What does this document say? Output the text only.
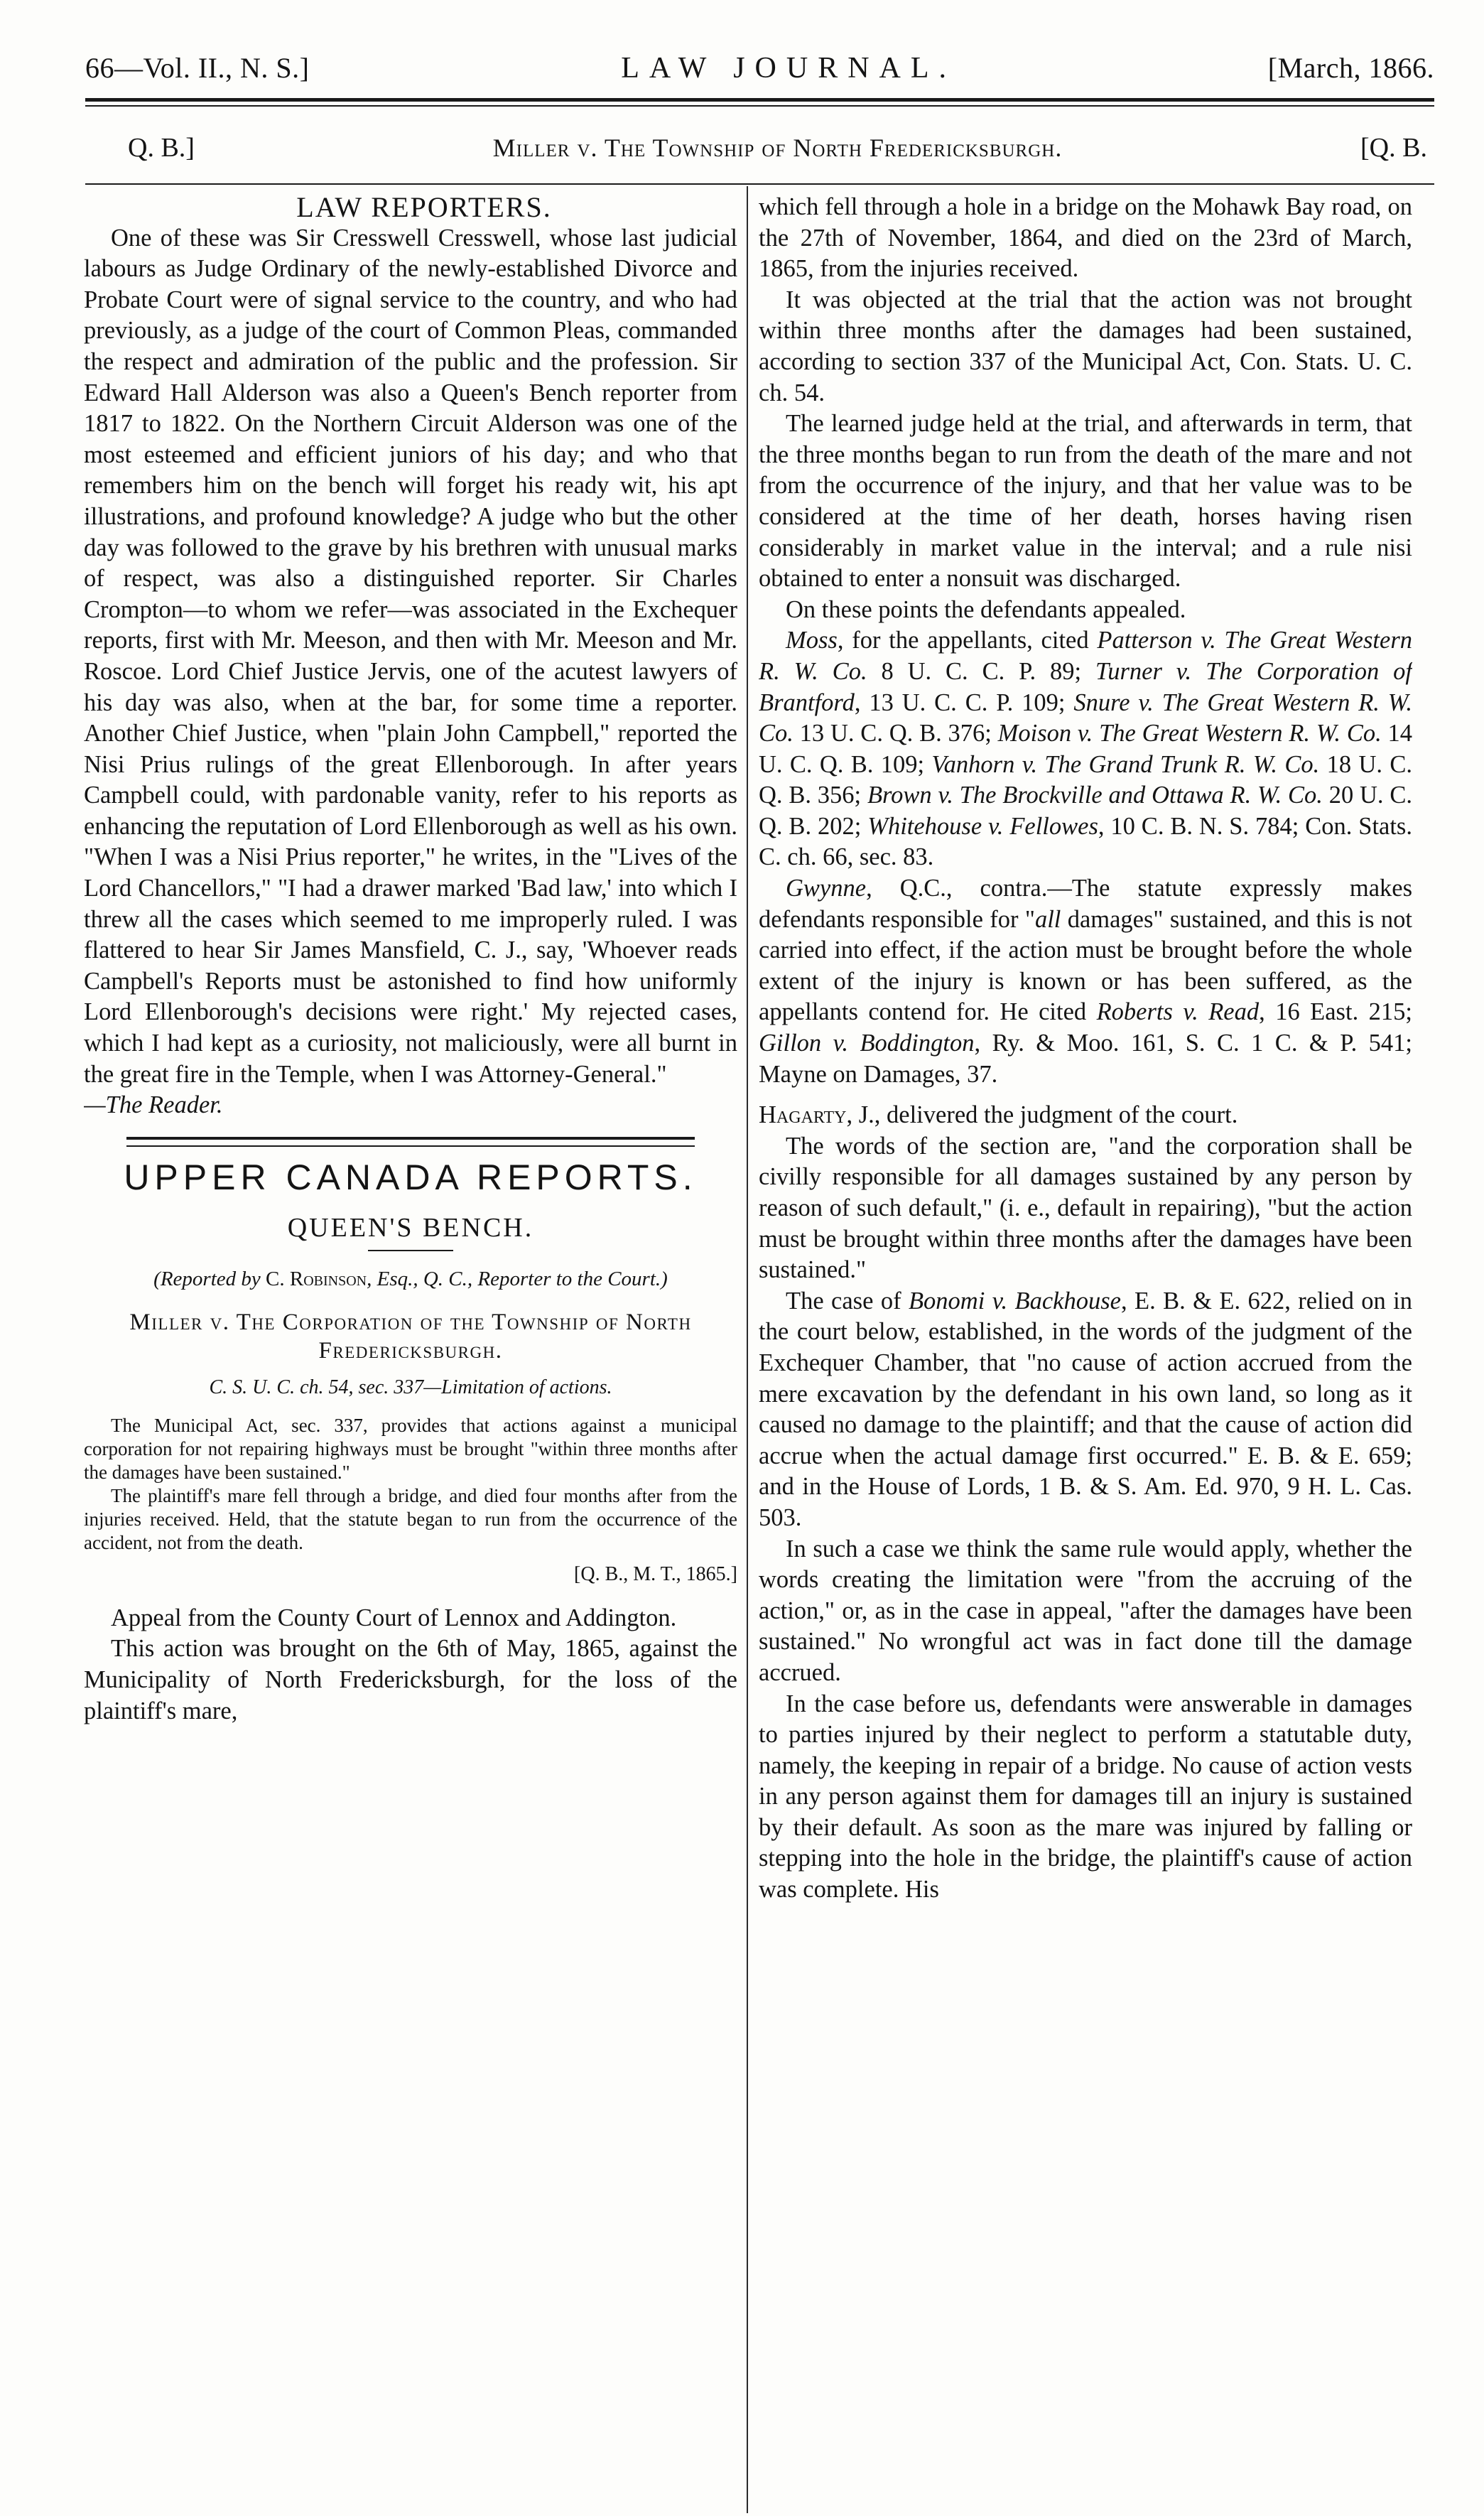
66—Vol. II., N. S.]	LAW JOURNAL.	[March, 1866.
Q. B.]	Miller v. The Township of North Fredericksburgh.	[Q. B.

LAW REPORTERS.

One of these was Sir Cresswell Cresswell, whose last judicial labours as Judge Ordinary of the newly-established Divorce and Probate Court were of signal service to the country, and who had previously, as a judge of the court of Common Pleas, commanded the respect and admiration of the public and the profession. Sir Edward Hall Alderson was also a Queen's Bench reporter from 1817 to 1822. On the Northern Circuit Alderson was one of the most esteemed and efficient juniors of his day; and who that remembers him on the bench will forget his ready wit, his apt illustrations, and profound knowledge? A judge who but the other day was followed to the grave by his brethren with unusual marks of respect, was also a distinguished reporter. Sir Charles Crompton—to whom we refer—was associated in the Exchequer reports, first with Mr. Meeson, and then with Mr. Meeson and Mr. Roscoe. Lord Chief Justice Jervis, one of the acutest lawyers of his day was also, when at the bar, for some time a reporter. Another Chief Justice, when "plain John Campbell," reported the Nisi Prius rulings of the great Ellenborough. In after years Campbell could, with pardonable vanity, refer to his reports as enhancing the reputation of Lord Ellenborough as well as his own. "When I was a Nisi Prius reporter," he writes, in the "Lives of the Lord Chancellors," "I had a drawer marked 'Bad law,' into which I threw all the cases which seemed to me improperly ruled. I was flattered to hear Sir James Mansfield, C. J., say, 'Whoever reads Campbell's Reports must be astonished to find how uniformly Lord Ellenborough's decisions were right.' My rejected cases, which I had kept as a curiosity, not maliciously, were all burnt in the great fire in the Temple, when I was Attorney-General."

—The Reader.

UPPER CANADA REPORTS.
QUEEN'S BENCH.
(Reported by C. Robinson, Esq., Q. C., Reporter to the Court.)
Miller v. The Corporation of the Township of North Fredericksburgh.
C. S. U. C. ch. 54, sec. 337—Limitation of actions.

The Municipal Act, sec. 337, provides that actions against a municipal corporation for not repairing highways must be brought "within three months after the damages have been sustained."

The plaintiff's mare fell through a bridge, and died four months after from the injuries received. Held, that the statute began to run from the occurrence of the accident, not from the death.

[Q. B., M. T., 1865.]

Appeal from the County Court of Lennox and Addington.

This action was brought on the 6th of May, 1865, against the Municipality of North Fredericksburgh, for the loss of the plaintiff's mare,

which fell through a hole in a bridge on the Mohawk Bay road, on the 27th of November, 1864, and died on the 23rd of March, 1865, from the injuries received.

It was objected at the trial that the action was not brought within three months after the damages had been sustained, according to section 337 of the Municipal Act, Con. Stats. U. C. ch. 54.

The learned judge held at the trial, and afterwards in term, that the three months began to run from the death of the mare and not from the occurrence of the injury, and that her value was to be considered at the time of her death, horses having risen considerably in market value in the interval; and a rule nisi obtained to enter a nonsuit was discharged.

On these points the defendants appealed.

Moss, for the appellants, cited Patterson v. The Great Western R. W. Co. 8 U. C. C. P. 89; Turner v. The Corporation of Brantford, 13 U. C. C. P. 109; Snure v. The Great Western R. W. Co. 13 U. C. Q. B. 376; Moison v. The Great Western R. W. Co. 14 U. C. Q. B. 109; Vanhorn v. The Grand Trunk R. W. Co. 18 U. C. Q. B. 356; Brown v. The Brockville and Ottawa R. W. Co. 20 U. C. Q. B. 202; Whitehouse v. Fellowes, 10 C. B. N. S. 784; Con. Stats. C. ch. 66, sec. 83.

Gwynne, Q.C., contra.—The statute expressly makes defendants responsible for "all damages" sustained, and this is not carried into effect, if the action must be brought before the whole extent of the injury is known or has been suffered, as the appellants contend for. He cited Roberts v. Read, 16 East. 215; Gillon v. Boddington, Ry. & Moo. 161, S. C. 1 C. & P. 541; Mayne on Damages, 37.

Hagarty, J., delivered the judgment of the court.

The words of the section are, "and the corporation shall be civilly responsible for all damages sustained by any person by reason of such default," (i. e., default in repairing), "but the action must be brought within three months after the damages have been sustained."

The case of Bonomi v. Backhouse, E. B. & E. 622, relied on in the court below, established, in the words of the judgment of the Exchequer Chamber, that "no cause of action accrued from the mere excavation by the defendant in his own land, so long as it caused no damage to the plaintiff; and that the cause of action did accrue when the actual damage first occurred." E. B. & E. 659; and in the House of Lords, 1 B. & S. Am. Ed. 970, 9 H. L. Cas. 503.

In such a case we think the same rule would apply, whether the words creating the limitation were "from the accruing of the action," or, as in the case in appeal, "after the damages have been sustained." No wrongful act was in fact done till the damage accrued.

In the case before us, defendants were answerable in damages to parties injured by their neglect to perform a statutable duty, namely, the keeping in repair of a bridge. No cause of action vests in any person against them for damages till an injury is sustained by their default. As soon as the mare was injured by falling or stepping into the hole in the bridge, the plaintiff's cause of action was complete. His
